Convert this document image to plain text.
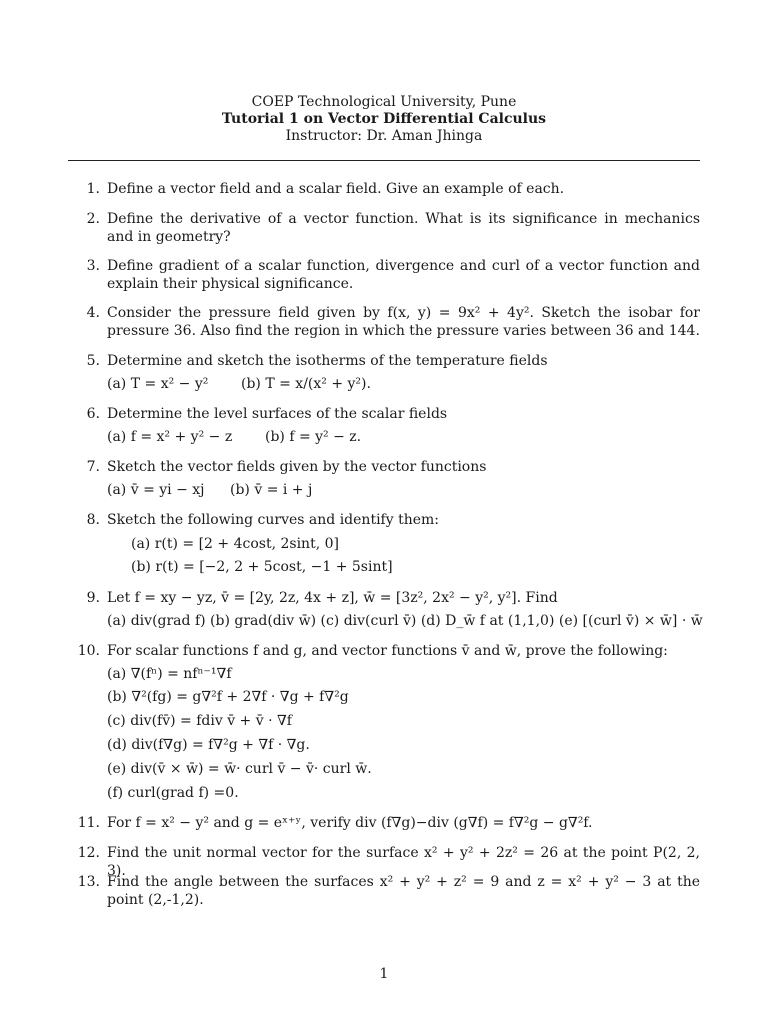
COEP Technological University, Pune
Tutorial 1 on Vector Differential Calculus
Instructor: Dr. Aman Jhinga
1. Define a vector field and a scalar field. Give an example of each.
2. Define the derivative of a vector function. What is its significance in mechanics and in geometry?
3. Define gradient of a scalar function, divergence and curl of a vector function and explain their physical significance.
4. Consider the pressure field given by f(x, y) = 9x² + 4y². Sketch the isobar for pressure 36. Also find the region in which the pressure varies between 36 and 144.
5. Determine and sketch the isotherms of the temperature fields
(a) T = x² − y² (b) T = x/(x² + y²).
6. Determine the level surfaces of the scalar fields
(a) f = x² + y² − z (b) f = y² − z.
7. Sketch the vector fields given by the vector functions
(a) v̄ = yi − xj (b) v̄ = i + j
8. Sketch the following curves and identify them:
(a) r(t) = [2 + 4cost, 2sint, 0]
(b) r(t) = [−2, 2 + 5cost, −1 + 5sint]
9. Let f = xy − yz, v̄ = [2y, 2z, 4x + z], w̄ = [3z², 2x² − y², y²]. Find
(a) div(grad f) (b) grad(div w̄) (c) div(curl v̄) (d) D_w̄ f at (1,1,0) (e) [(curl v̄) × w̄] · w̄
10. For scalar functions f and g, and vector functions v̄ and w̄, prove the following:
(a) ∇(fⁿ) = nfⁿ⁻¹∇f
(b) ∇²(fg) = g∇²f + 2∇f · ∇g + f∇²g
(c) div(fv̄) = fdiv v̄ + v̄ · ∇f
(d) div(f∇g) = f∇²g + ∇f · ∇g.
(e) div(v̄ × w̄) = w̄· curl v̄ − v̄· curl w̄.
(f) curl(grad f) =0.
11. For f = x² − y² and g = eˣ⁺ʸ, verify div (f∇g)−div (g∇f) = f∇²g − g∇²f.
12. Find the unit normal vector for the surface x² + y² + 2z² = 26 at the point P(2, 2, 3).
13. Find the angle between the surfaces x² + y² + z² = 9 and z = x² + y² − 3 at the point (2,-1,2).
1
